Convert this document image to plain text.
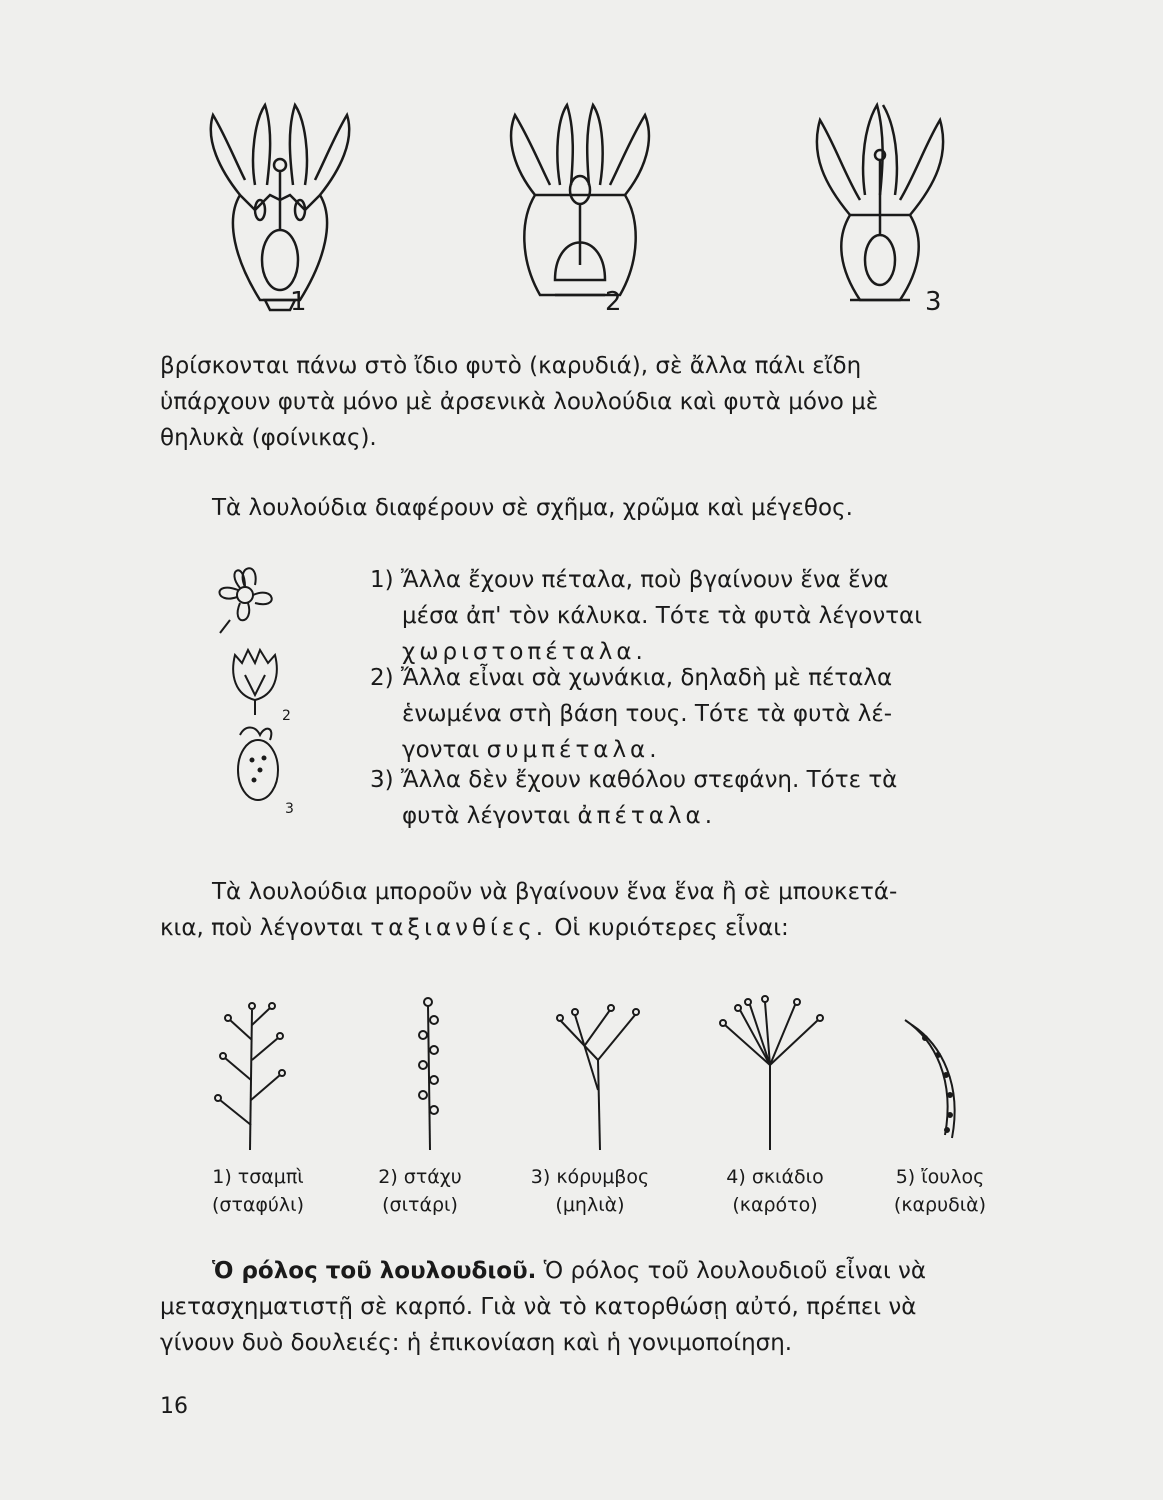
1	2	3

βρίσκονται πάνω στὸ ἴδιο φυτὸ (καρυδιά), σὲ ἄλλα πάλι εἴδη
ὑπάρχουν φυτὰ μόνο μὲ ἀρσενικὰ λουλούδια καὶ φυτὰ μόνο μὲ
θηλυκὰ (φοίνικας).

Τὰ λουλούδια διαφέρουν σὲ σχῆμα, χρῶμα καὶ μέγεθος.

2
3

1) Ἄλλα ἔχουν πέταλα, ποὺ βγαίνουν ἕνα ἕνα
μέσα ἀπ' τὸν κάλυκα. Τότε τὰ φυτὰ λέγονται
χωριστοπέταλα.

2) Ἄλλα εἶναι σὰ χωνάκια, δηλαδὴ μὲ πέταλα
ἑνωμένα στὴ βάση τους. Τότε τὰ φυτὰ λέ-
γονται συμπέταλα.

3) Ἄλλα δὲν ἔχουν καθόλου στεφάνη. Τότε τὰ
φυτὰ λέγονται ἀπέταλα.

Τὰ λουλούδια μποροῦν νὰ βγαίνουν ἕνα ἕνα ἢ σὲ μπουκετά-
κια, ποὺ λέγονται ταξιανθίες. Οἱ κυριότερες εἶναι:

1) τσαμπὶ
(σταφύλι)
2) στάχυ
(σιτάρι)
3) κόρυμβος
(μηλιὰ)
4) σκιάδιο
(καρότο)
5) ἴουλος
(καρυδιὰ)

Ὁ ρόλος τοῦ λουλουδιοῦ. Ὁ ρόλος τοῦ λουλουδιοῦ εἶναι νὰ
μετασχηματιστῇ σὲ καρπό. Γιὰ νὰ τὸ κατορθώσῃ αὐτό, πρέπει νὰ
γίνουν δυὸ δουλειές: ἡ ἐπικονίαση καὶ ἡ γονιμοποίηση.

16
